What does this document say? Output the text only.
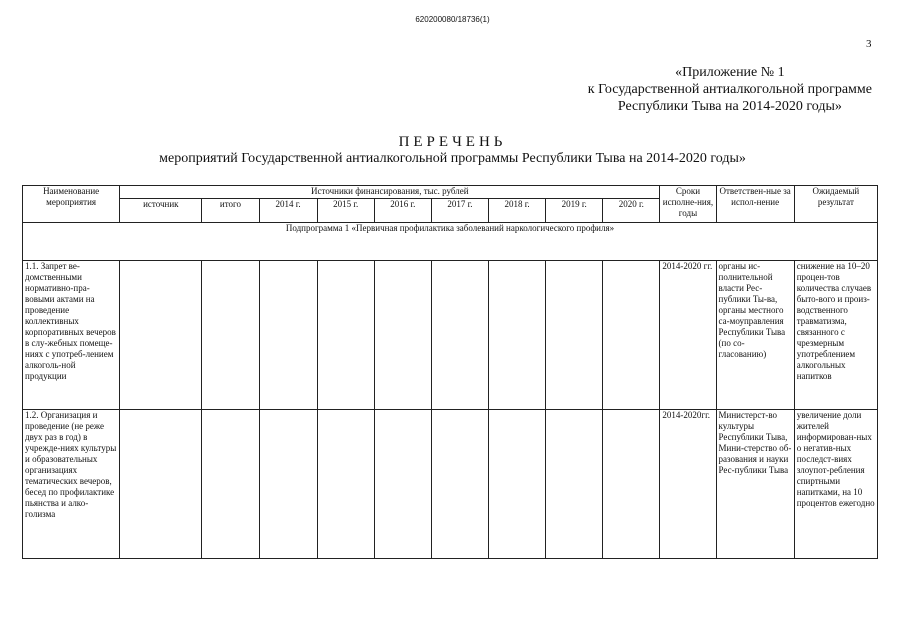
620200080/18736(1)
3
«Приложение № 1
к Государственной антиалкогольной программе
Республики Тыва на 2014-2020 годы»
ПЕРЕЧЕНЬ
мероприятий Государственной антиалкогольной программы Республики Тыва на 2014-2020 годы»
Наименование мероприятия	Источники финансирования, тыс. рублей									Сроки исполне-ния, годы	Ответствен-ные за испол-нение	Ожидаемый результат
	источник	итого	2014 г.	2015 г.	2016 г.	2017 г.	2018 г.	2019 г.	2020 г.			
Подпрограмма 1 «Первичная профилактика заболеваний наркологического профиля»												
1.1. Запрет ве-домственными нормативно-пра-вовыми актами на проведение коллективных корпоративных вечеров в слу-жебных помеще-ниях с употреб-лением алкоголь-ной продукции										2014-2020 гг.	органы ис-полнительной власти Рес-публики Ты-ва, органы местного са-моуправления Республики Тыва (по со-гласованию)	снижение на 10–20 процен-тов количества случаев быто-вого и произ-водственного травматизма, связанного с чрезмерным употреблением алкогольных напитков
1.2. Организация и проведение (не реже двух раз в год) в учрежде-ниях культуры и образовательных организациях тематических вечеров, бесед по профилактике пьянства и алко-голизма										2014-2020гг.	Министерст-во культуры Республики Тыва, Мини-стерство об-разования и науки Рес-публики Тыва	увеличение доли жителей информирован-ных о негатив-ных последст-виях злоупот-ребления спиртными напитками, на 10 процентов ежегодно
